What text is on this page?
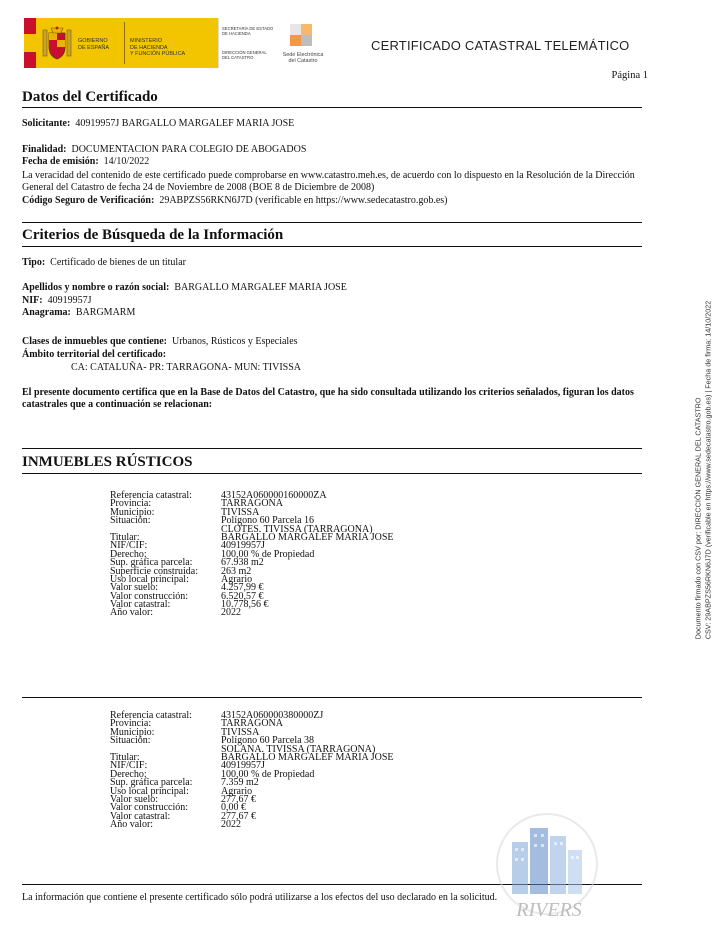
GOBIERNO
DE ESPAÑA
MINISTERIO
DE HACIENDA
Y FUNCIÓN PÚBLICA
SECRETARÍA DE ESTADO
DE HACIENDA
DIRECCIÓN GENERAL
DEL CATASTRO	Sede Electrónica
del Catastro
CERTIFICADO CATASTRAL TELEMÁTICO
Página 1
Datos del Certificado
Solicitante: 40919957J BARGALLO MARGALEF MARIA JOSE
Finalidad: DOCUMENTACION PARA COLEGIO DE ABOGADOS
Fecha de emisión: 14/10/2022
La veracidad del contenido de este certificado puede comprobarse en www.catastro.meh.es, de acuerdo con lo dispuesto en la Resolución de la Dirección General del Catastro de fecha 24 de Noviembre de 2008 (BOE 8 de Diciembre de 2008)
Código Seguro de Verificación: 29ABPZS56RKN6J7D (verificable en https://www.sedecatastro.gob.es)
Criterios de Búsqueda de la Información
Tipo: Certificado de bienes de un titular
Apellidos y nombre o razón social: BARGALLO MARGALEF MARIA JOSE
NIF: 40919957J
Anagrama: BARGMARM
Clases de inmuebles que contiene: Urbanos, Rústicos y Especiales
Ámbito territorial del certificado:
CA: CATALUÑA- PR: TARRAGONA- MUN: TIVISSA
El presente documento certifica que en la Base de Datos del Catastro, que ha sido consultada utilizando los criterios señalados, figuran los datos catastrales que a continuación se relacionan:
INMUEBLES RÚSTICOS
Referencia catastral:	43152A060000160000ZA
Provincia:	TARRAGONA
Municipio:	TIVISSA
Situación:	Polígono 60 Parcela 16
CLOTES. TIVISSA (TARRAGONA)
Titular:	BARGALLO MARGALEF MARIA JOSE
NIF/CIF:	40919957J
Derecho:	100,00 % de Propiedad
Sup. gráfica parcela:	67.938 m2
Superficie construida:	263 m2
Uso local principal:	Agrario
Valor suelo:	4.257,99 €
Valor construcción:	6.520,57 €
Valor catastral:	10.778,56 €
Año valor:	2022
Referencia catastral:	43152A060000380000ZJ
Provincia:	TARRAGONA
Municipio:	TIVISSA
Situación:	Polígono 60 Parcela 38
SOLANA. TIVISSA (TARRAGONA)
Titular:	BARGALLO MARGALEF MARIA JOSE
NIF/CIF:	40919957J
Derecho:	100,00 % de Propiedad
Sup. gráfica parcela:	7.359 m2
Uso local principal:	Agrario
Valor suelo:	277,67 €
Valor construcción:	0,00 €
Valor catastral:	277,67 €
Año valor:	2022
Documento firmado con CSV por: DIRECCIÓN GENERAL DEL CATASTRO CSV: 29ABPZS56RKN6J7D (verificable en https://www.sedecatastro.gob.es) | Fecha de firma: 14/10/2022
La información que contiene el presente certificado sólo podrá utilizarse a los efectos del uso declarado en la solicitud.
RIVERS
